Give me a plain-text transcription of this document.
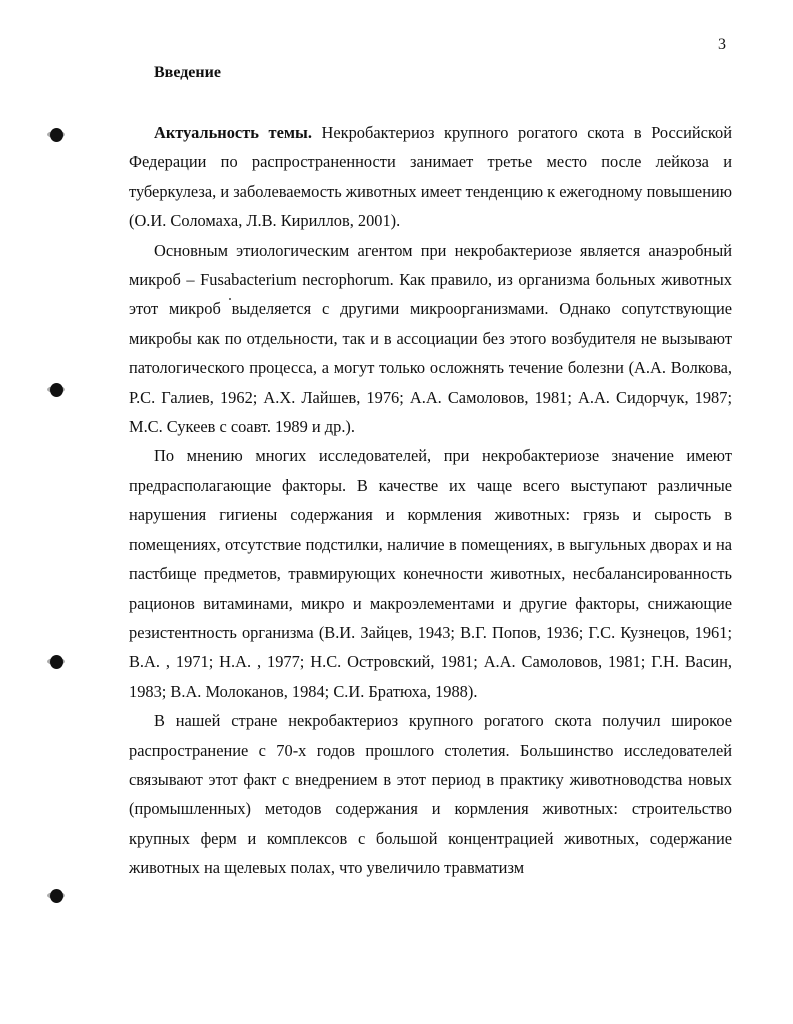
3
Введение

Актуальность темы. Некробактериоз крупного рогатого скота в Российской Федерации по распространенности занимает третье место после лейкоза и туберкулеза, и заболеваемость животных имеет тенденцию к ежегодному повышению (О.И. Соломаха, Л.В. Кириллов, 2001).

Основным этиологическим агентом при некробактериозе является анаэробный микроб – Fusabacterium necrophorum. Как правило, из организма больных животных этот микроб выделяется с другими микроорганизмами. Однако сопутствующие микробы как по отдельности, так и в ассоциации без этого возбудителя не вызывают патологического процесса, а могут только осложнять течение болезни (А.А. Волкова, Р.С. Галиев, 1962; А.Х. Лайшев, 1976; А.А. Самоловов, 1981; А.А. Сидорчук, 1987; М.С. Сукеев с соавт. 1989 и др.).

По мнению многих исследователей, при некробактериозе значение имеют предрасполагающие факторы. В качестве их чаще всего выступают различные нарушения гигиены содержания и кормления животных: грязь и сырость в помещениях, отсутствие подстилки, наличие в помещениях, в выгульных дворах и на пастбище предметов, травмирующих конечности животных, несбалансированность рационов витаминами, микро и макроэлементами и другие факторы, снижающие резистентность организма (В.И. Зайцев, 1943; В.Г. Попов, 1936; Г.С. Кузнецов, 1961; В.А. , 1971; Н.А. , 1977; Н.С. Островский, 1981; А.А. Самоловов, 1981; Г.Н. Васин, 1983; В.А. Молоканов, 1984; С.И. Братюха, 1988).

В нашей стране некробактериоз крупного рогатого скота получил широкое распространение с 70-х годов прошлого столетия. Большинство исследователей связывают этот факт с внедрением в этот период в практику животноводства новых (промышленных) методов содержания и кормления животных: строительство крупных ферм и комплексов с большой концентрацией животных, содержание животных на щелевых полах, что увеличило травматизм
